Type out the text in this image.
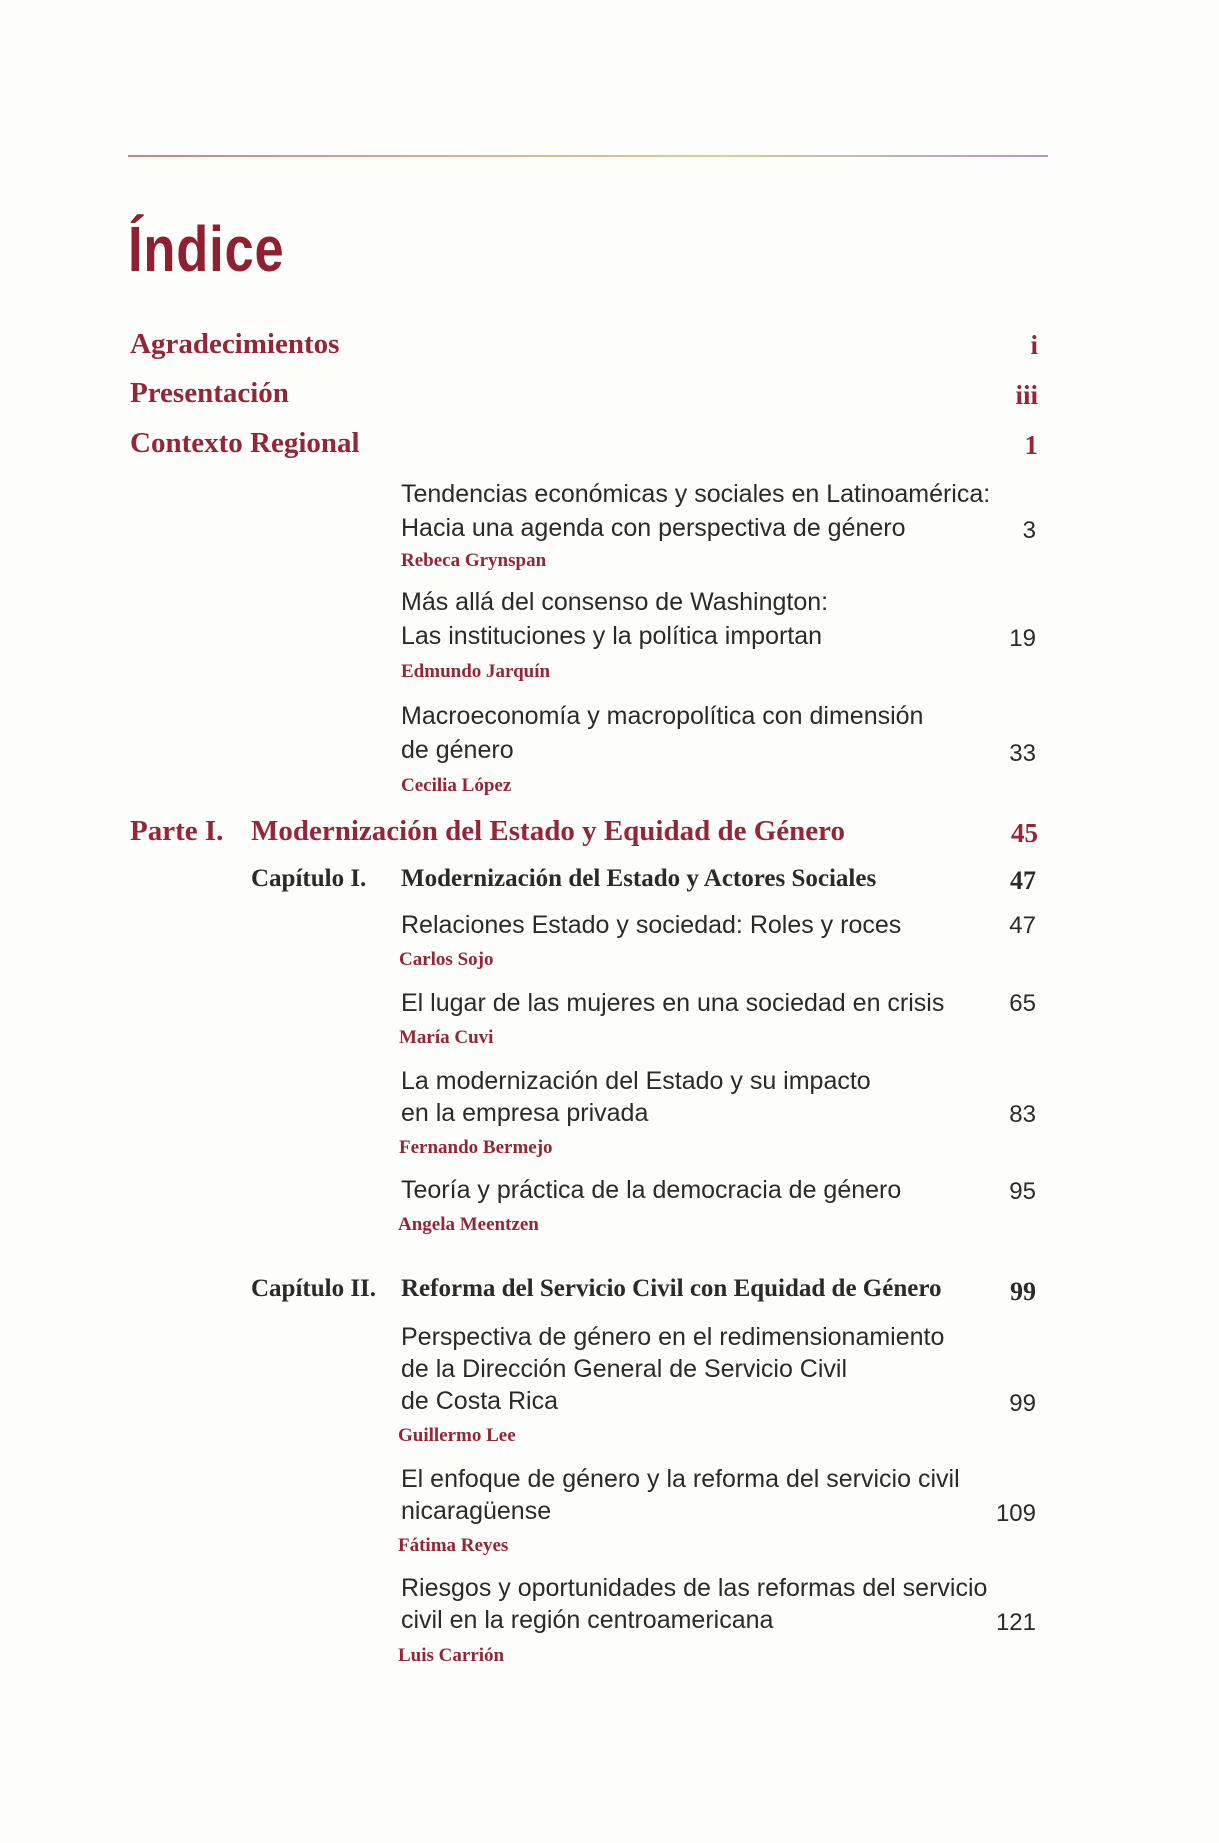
Índice
Agradecimientos	i
Presentación	iii
Contexto Regional	1
Tendencias económicas y sociales en Latinoamérica:
Hacia una agenda con perspectiva de género	3
Rebeca Grynspan
Más allá del consenso de Washington:
Las instituciones y la política importan	19
Edmundo Jarquín
Macroeconomía y macropolítica con dimensión
de género	33
Cecilia López
Parte I. Modernización del Estado y Equidad de Género	45
Capítulo I. Modernización del Estado y Actores Sociales	47
Relaciones Estado y sociedad: Roles y roces	47
Carlos Sojo
El lugar de las mujeres en una sociedad en crisis	65
María Cuvi
La modernización del Estado y su impacto
en la empresa privada	83
Fernando Bermejo
Teoría y práctica de la democracia de género	95
Angela Meentzen
Capítulo II. Reforma del Servicio Civil con Equidad de Género	99
Perspectiva de género en el redimensionamiento
de la Dirección General de Servicio Civil
de Costa Rica	99
Guillermo Lee
El enfoque de género y la reforma del servicio civil
nicaragüense	109
Fátima Reyes
Riesgos y oportunidades de las reformas del servicio
civil en la región centroamericana	121
Luis Carrión
